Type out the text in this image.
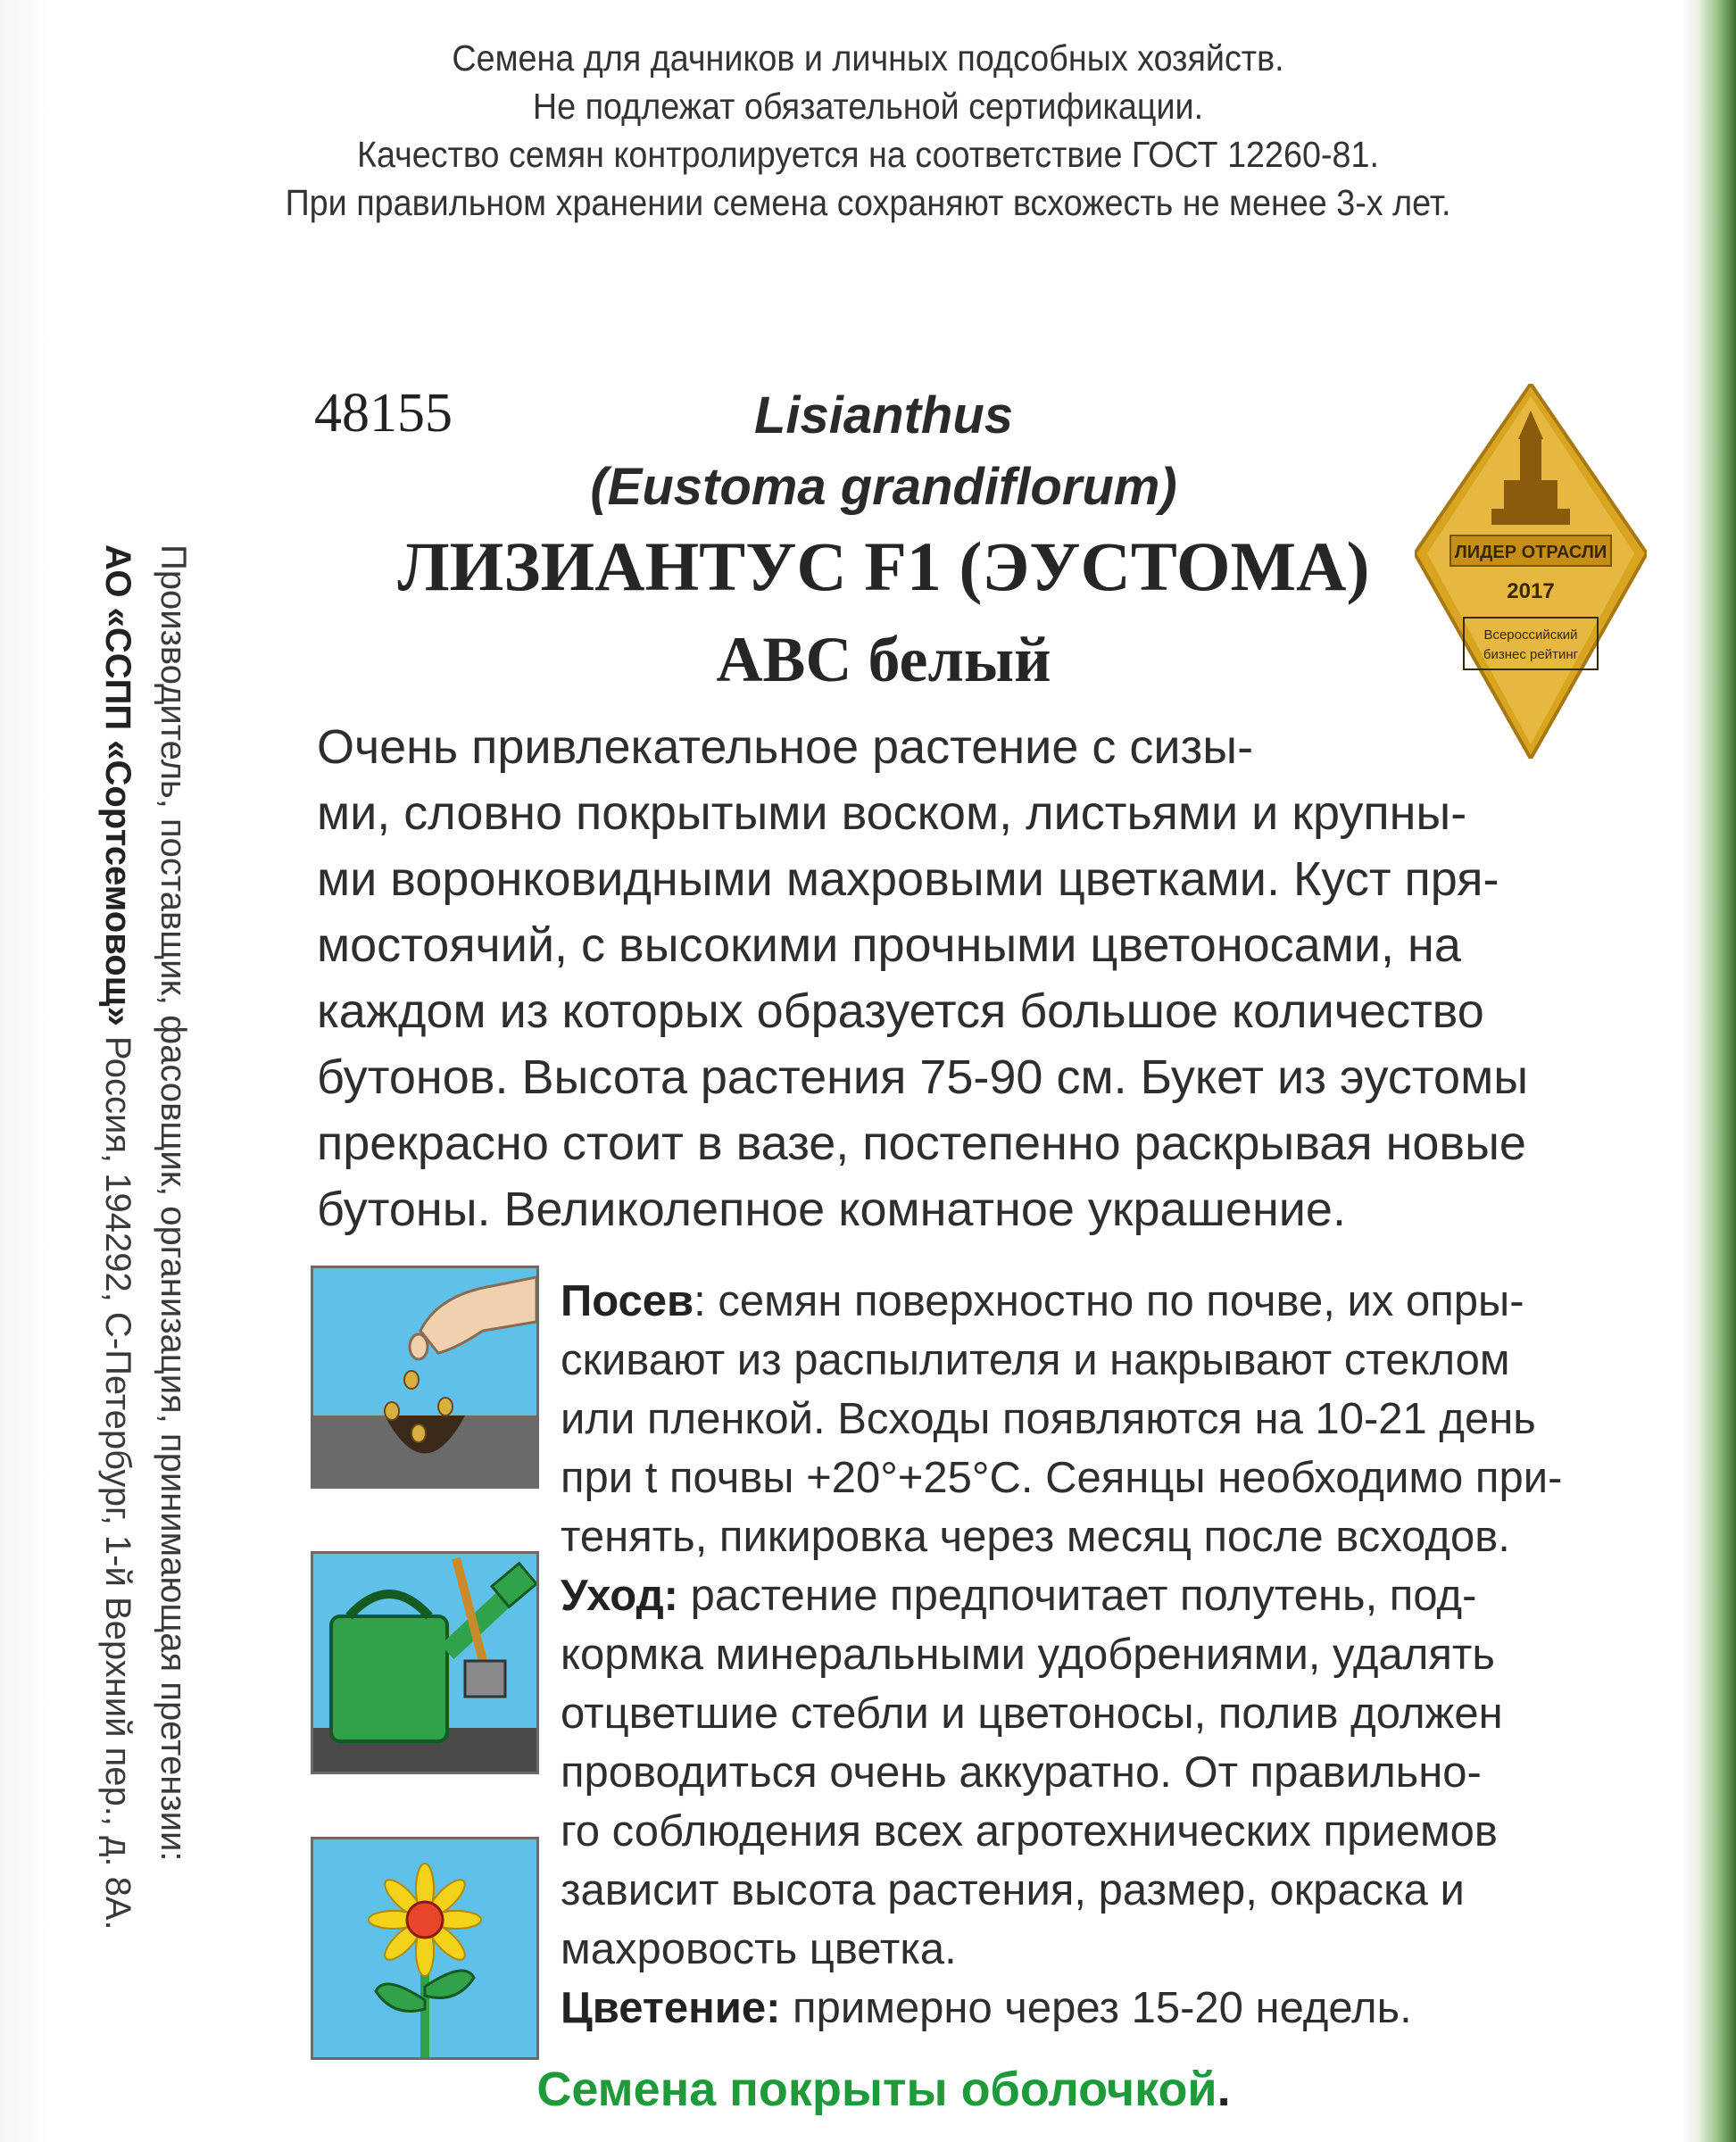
Семена для дачников и личных подсобных хозяйств.
Не подлежат обязательной сертификации.
Качество семян контролируется на соответствие ГОСТ 12260-81.
При правильном хранении семена сохраняют всхожесть не менее 3-х лет.
Производитель, поставщик, фасовщик, организация, принимающая претензии:
АО «ССПП «Сортсемовощ» Россия, 194292, С-Петербург, 1-й Верхний пер., д. 8А.
48155	Lisianthus
(Eustoma grandiflorum)
ЛИЗИАНТУС F1 (ЭУСТОМА)
АВС белый
ЛИДЕР ОТРАСЛИ
2017
Всероссийский
бизнес рейтинг
Очень привлекательное растение с сизы-
ми, словно покрытыми воском, листьями и крупны-
ми воронковидными махровыми цветками. Куст пря-
мостоячий, с высокими прочными цветоносами, на
каждом из которых образуется большое количество
бутонов. Высота растения 75-90 см. Букет из эустомы
прекрасно стоит в вазе, постепенно раскрывая новые
бутоны. Великолепное комнатное украшение.
Посев: семян поверхностно по почве, их опры-
скивают из распылителя и накрывают стеклом
или пленкой. Всходы появляются на 10-21 день
при t почвы +20°+25°С. Сеянцы необходимо при-
тенять, пикировка через месяц после всходов.
Уход: растение предпочитает полутень, под-
кормка минеральными удобрениями, удалять
отцветшие стебли и цветоносы, полив должен
проводиться очень аккуратно. От правильно-
го соблюдения всех агротехнических приемов
зависит высота растения, размер, окраска и
махровость цветка.
Цветение: примерно через 15-20 недель.
Семена покрыты оболочкой.
